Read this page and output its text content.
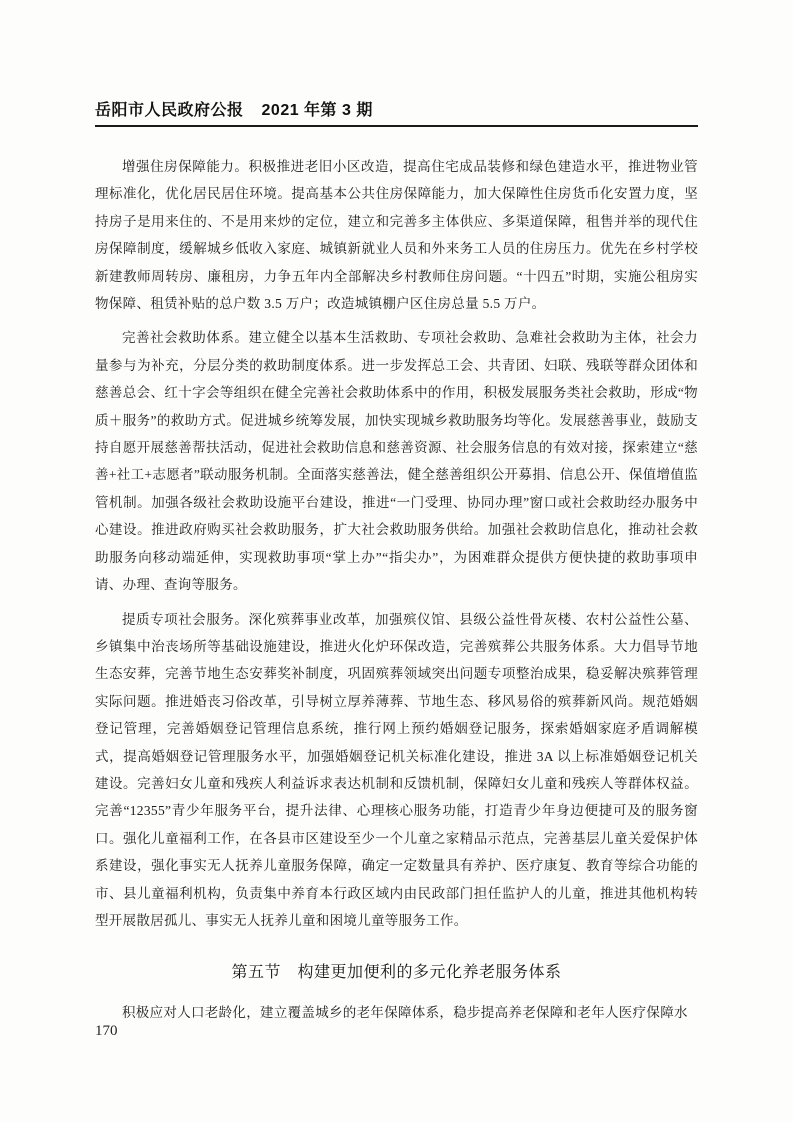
岳阳市人民政府公报 2021 年第 3 期

增强住房保障能力。积极推进老旧小区改造，提高住宅成品装修和绿色建造水平，推进物业管理标准化，优化居民居住环境。提高基本公共住房保障能力，加大保障性住房货币化安置力度，坚持房子是用来住的、不是用来炒的定位，建立和完善多主体供应、多渠道保障，租售并举的现代住房保障制度，缓解城乡低收入家庭、城镇新就业人员和外来务工人员的住房压力。优先在乡村学校新建教师周转房、廉租房，力争五年内全部解决乡村教师住房问题。“十四五”时期，实施公租房实物保障、租赁补贴的总户数 3.5 万户；改造城镇棚户区住房总量 5.5 万户。

完善社会救助体系。建立健全以基本生活救助、专项社会救助、急难社会救助为主体，社会力量参与为补充，分层分类的救助制度体系。进一步发挥总工会、共青团、妇联、残联等群众团体和慈善总会、红十字会等组织在健全完善社会救助体系中的作用，积极发展服务类社会救助，形成“物质＋服务”的救助方式。促进城乡统筹发展，加快实现城乡救助服务均等化。发展慈善事业，鼓励支持自愿开展慈善帮扶活动，促进社会救助信息和慈善资源、社会服务信息的有效对接，探索建立“慈善+社工+志愿者”联动服务机制。全面落实慈善法，健全慈善组织公开募捐、信息公开、保值增值监管机制。加强各级社会救助设施平台建设，推进“一门受理、协同办理”窗口或社会救助经办服务中心建设。推进政府购买社会救助服务，扩大社会救助服务供给。加强社会救助信息化，推动社会救助服务向移动端延伸，实现救助事项“掌上办”“指尖办”，为困难群众提供方便快捷的救助事项申请、办理、查询等服务。

提质专项社会服务。深化殡葬事业改革，加强殡仪馆、县级公益性骨灰楼、农村公益性公墓、乡镇集中治丧场所等基础设施建设，推进火化炉环保改造，完善殡葬公共服务体系。大力倡导节地生态安葬，完善节地生态安葬奖补制度，巩固殡葬领域突出问题专项整治成果，稳妥解决殡葬管理实际问题。推进婚丧习俗改革，引导树立厚养薄葬、节地生态、移风易俗的殡葬新风尚。规范婚姻登记管理，完善婚姻登记管理信息系统，推行网上预约婚姻登记服务，探索婚姻家庭矛盾调解模式，提高婚姻登记管理服务水平，加强婚姻登记机关标准化建设，推进 3A 以上标准婚姻登记机关建设。完善妇女儿童和残疾人利益诉求表达机制和反馈机制，保障妇女儿童和残疾人等群体权益。完善“12355”青少年服务平台，提升法律、心理核心服务功能，打造青少年身边便捷可及的服务窗口。强化儿童福利工作，在各县市区建设至少一个儿童之家精品示范点，完善基层儿童关爱保护体系建设，强化事实无人抚养儿童服务保障，确定一定数量具有养护、医疗康复、教育等综合功能的市、县儿童福利机构，负责集中养育本行政区域内由民政部门担任监护人的儿童，推进其他机构转型开展散居孤儿、事实无人抚养儿童和困境儿童等服务工作。

第五节　构建更加便利的多元化养老服务体系

积极应对人口老龄化，建立覆盖城乡的老年保障体系，稳步提高养老保障和老年人医疗保障水

170
